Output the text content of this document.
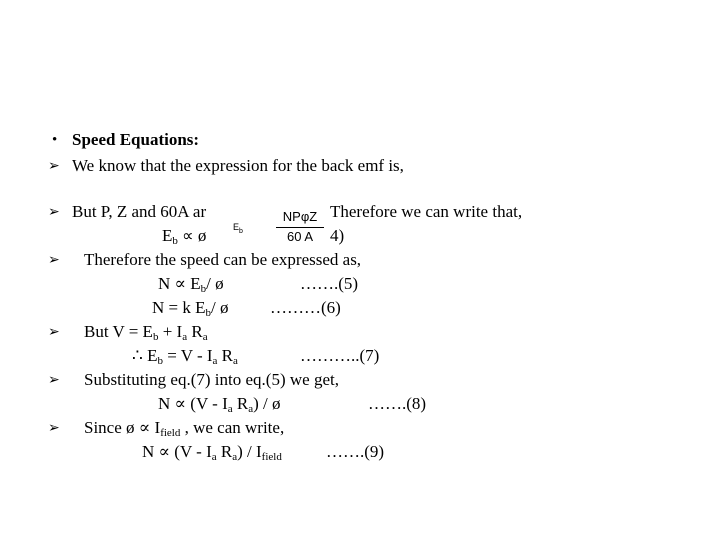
• Speed Equations:
➢ We know that the expression for the back emf is,
➢ But P, Z and 60A ar	Therefore we can write that,
$E_b$ ∝ ø	4)
NPφZ
60 A
$E_b$
➢ Therefore the speed can be expressed as,
$N \propto E_b/$ ø	…….(5)
N = k $E_b/$ ø ………(6)
➢ But $V = E_b + I_a$ $R_a$
∴ $E_b = V - I_a$ $R_a$	………..(7)
➢ Substituting eq.(7) into eq.(5) we get,
$N \propto (V - I_a$ $R_a$) / ø	…….(8)
➢ Since ø ∝ $I_{field}$ , we can write,
$N \propto (V - I_a$ $R_a) / I_{field}$	…….(9)
